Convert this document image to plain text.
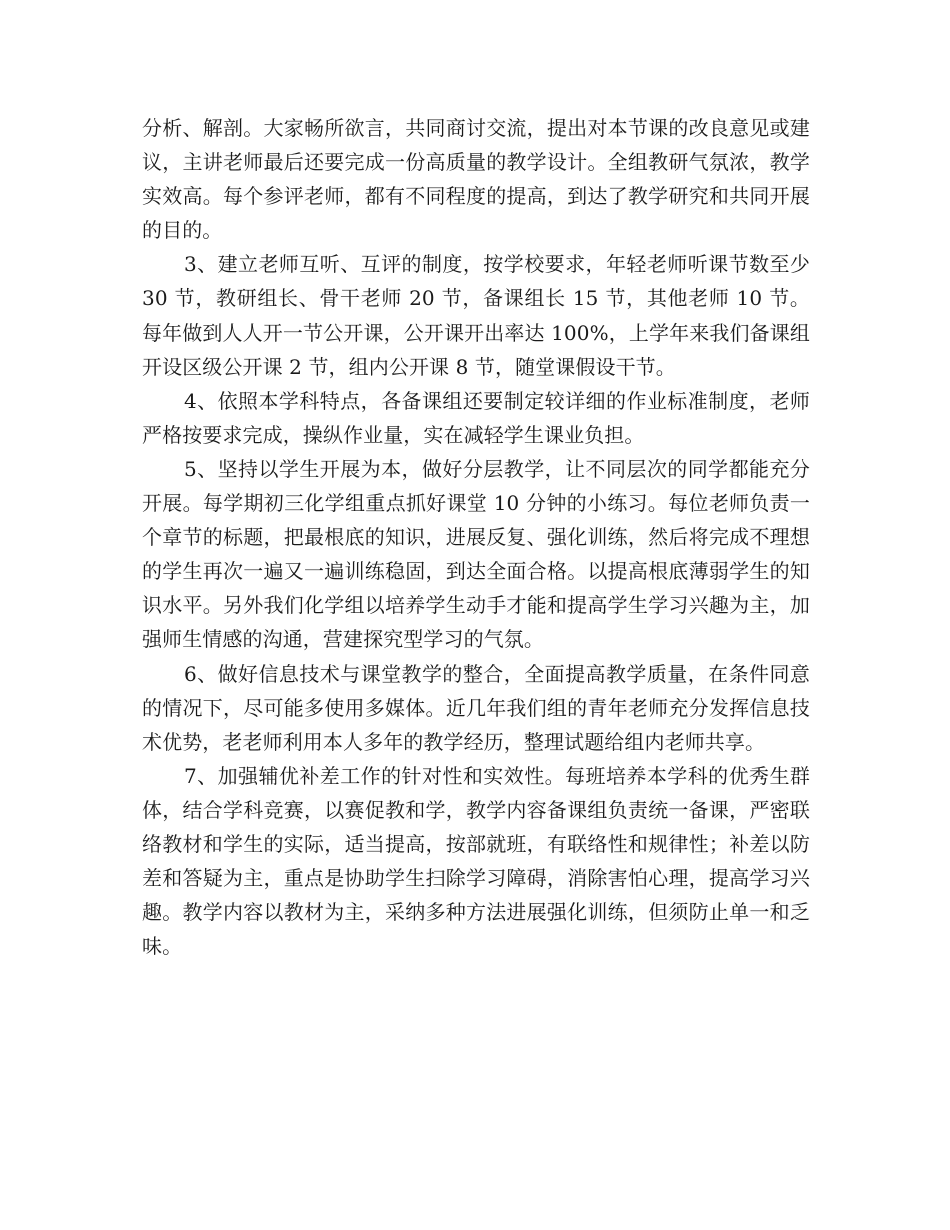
分析、解剖。大家畅所欲言，共同商讨交流，提出对本节课的改良意见或建议，主讲老师最后还要完成一份高质量的教学设计。全组教研气氛浓，教学实效高。每个参评老师，都有不同程度的提高，到达了教学研究和共同开展的目的。

3、建立老师互听、互评的制度，按学校要求，年轻老师听课节数至少 30 节，教研组长、骨干老师 20 节，备课组长 15 节，其他老师 10 节。每年做到人人开一节公开课，公开课开出率达 100%，上学年来我们备课组开设区级公开课 2 节，组内公开课 8 节，随堂课假设干节。

4、依照本学科特点，各备课组还要制定较详细的作业标准制度，老师严格按要求完成，操纵作业量，实在减轻学生课业负担。

5、坚持以学生开展为本，做好分层教学，让不同层次的同学都能充分开展。每学期初三化学组重点抓好课堂 10 分钟的小练习。每位老师负责一个章节的标题，把最根底的知识，进展反复、强化训练，然后将完成不理想的学生再次一遍又一遍训练稳固，到达全面合格。以提高根底薄弱学生的知识水平。另外我们化学组以培养学生动手才能和提高学生学习兴趣为主，加强师生情感的沟通，营建探究型学习的气氛。

6、做好信息技术与课堂教学的整合，全面提高教学质量，在条件同意的情况下，尽可能多使用多媒体。近几年我们组的青年老师充分发挥信息技术优势，老老师利用本人多年的教学经历，整理试题给组内老师共享。

7、加强辅优补差工作的针对性和实效性。每班培养本学科的优秀生群体，结合学科竞赛，以赛促教和学，教学内容备课组负责统一备课，严密联络教材和学生的实际，适当提高，按部就班，有联络性和规律性；补差以防差和答疑为主，重点是协助学生扫除学习障碍，消除害怕心理，提高学习兴趣。教学内容以教材为主，采纳多种方法进展强化训练，但须防止单一和乏味。
